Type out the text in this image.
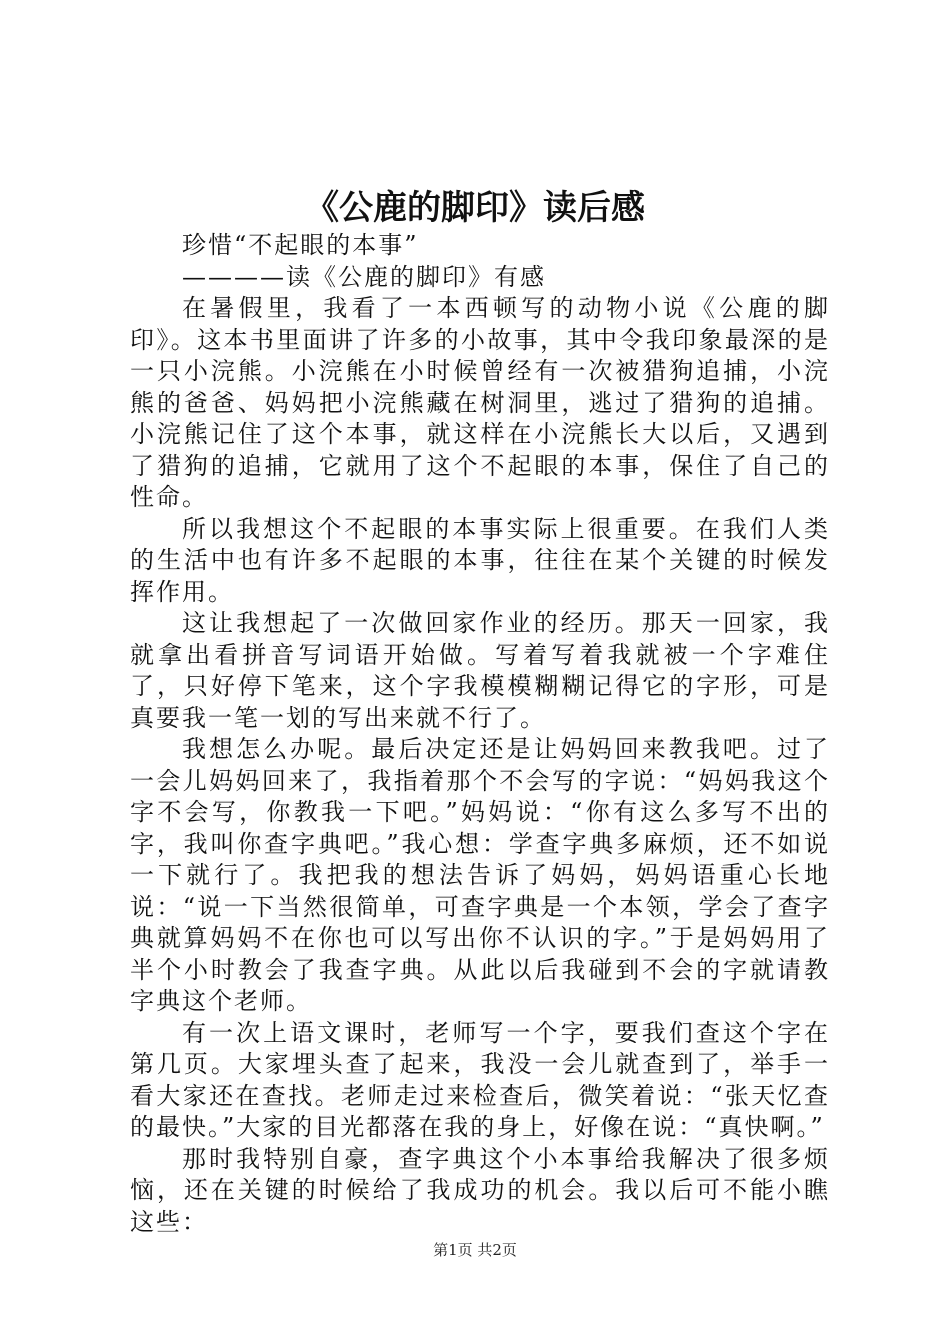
《公鹿的脚印》读后感

珍惜“不起眼的本事”

————读《公鹿的脚印》有感

在暑假里，我看了一本西顿写的动物小说《公鹿的脚印》。这本书里面讲了许多的小故事，其中令我印象最深的是一只小浣熊。小浣熊在小时候曾经有一次被猎狗追捕，小浣熊的爸爸、妈妈把小浣熊藏在树洞里，逃过了猎狗的追捕。小浣熊记住了这个本事，就这样在小浣熊长大以后，又遇到了猎狗的追捕，它就用了这个不起眼的本事，保住了自己的性命。

所以我想这个不起眼的本事实际上很重要。在我们人类的生活中也有许多不起眼的本事，往往在某个关键的时候发挥作用。

这让我想起了一次做回家作业的经历。那天一回家，我就拿出看拼音写词语开始做。写着写着我就被一个字难住了，只好停下笔来，这个字我模模糊糊记得它的字形，可是真要我一笔一划的写出来就不行了。

我想怎么办呢。最后决定还是让妈妈回来教我吧。过了一会儿妈妈回来了，我指着那个不会写的字说：“妈妈我这个字不会写，你教我一下吧。”妈妈说：“你有这么多写不出的字，我叫你查字典吧。”我心想：学查字典多麻烦，还不如说一下就行了。我把我的想法告诉了妈妈，妈妈语重心长地说：“说一下当然很简单，可查字典是一个本领，学会了查字典就算妈妈不在你也可以写出你不认识的字。”于是妈妈用了半个小时教会了我查字典。从此以后我碰到不会的字就请教字典这个老师。

有一次上语文课时，老师写一个字，要我们查这个字在第几页。大家埋头查了起来，我没一会儿就查到了，举手一看大家还在查找。老师走过来检查后，微笑着说：“张天忆查的最快。”大家的目光都落在我的身上，好像在说：“真快啊。”

那时我特别自豪，查字典这个小本事给我解决了很多烦恼，还在关键的时候给了我成功的机会。我以后可不能小瞧这些：

第1页 共2页
